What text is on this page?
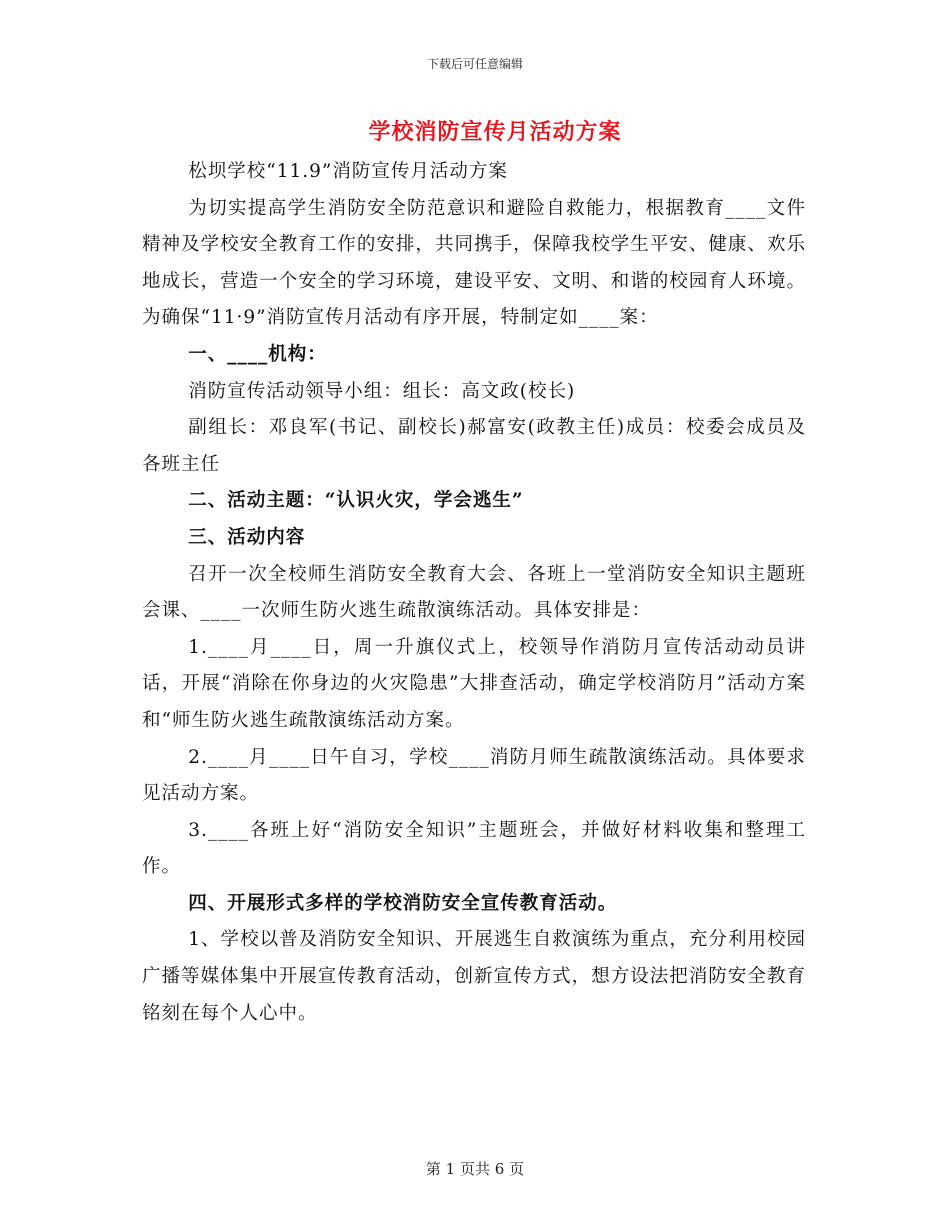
下载后可任意编辑
学校消防宣传月活动方案

松坝学校“11.9”消防宣传月活动方案

为切实提高学生消防安全防范意识和避险自救能力，根据教育____文件精神及学校安全教育工作的安排，共同携手，保障我校学生平安、健康、欢乐地成长，营造一个安全的学习环境，建设平安、文明、和谐的校园育人环境。为确保“11·9”消防宣传月活动有序开展，特制定如____案：

一、____机构：

消防宣传活动领导小组：组长：高文政(校长)

副组长：邓良军(书记、副校长)郝富安(政教主任)成员：校委会成员及各班主任

二、活动主题：“认识火灾，学会逃生”

三、活动内容

召开一次全校师生消防安全教育大会、各班上一堂消防安全知识主题班会课、____一次师生防火逃生疏散演练活动。具体安排是：

1.____月____日，周一升旗仪式上，校领导作消防月宣传活动动员讲话，开展“消除在你身边的火灾隐患”大排查活动，确定学校消防月”活动方案和“师生防火逃生疏散演练活动方案。

2.____月____日午自习，学校____消防月师生疏散演练活动。具体要求见活动方案。

3.____各班上好“消防安全知识”主题班会，并做好材料收集和整理工作。

四、开展形式多样的学校消防安全宣传教育活动。

1、学校以普及消防安全知识、开展逃生自救演练为重点，充分利用校园广播等媒体集中开展宣传教育活动，创新宣传方式，想方设法把消防安全教育铭刻在每个人心中。

第 1 页共 6 页
